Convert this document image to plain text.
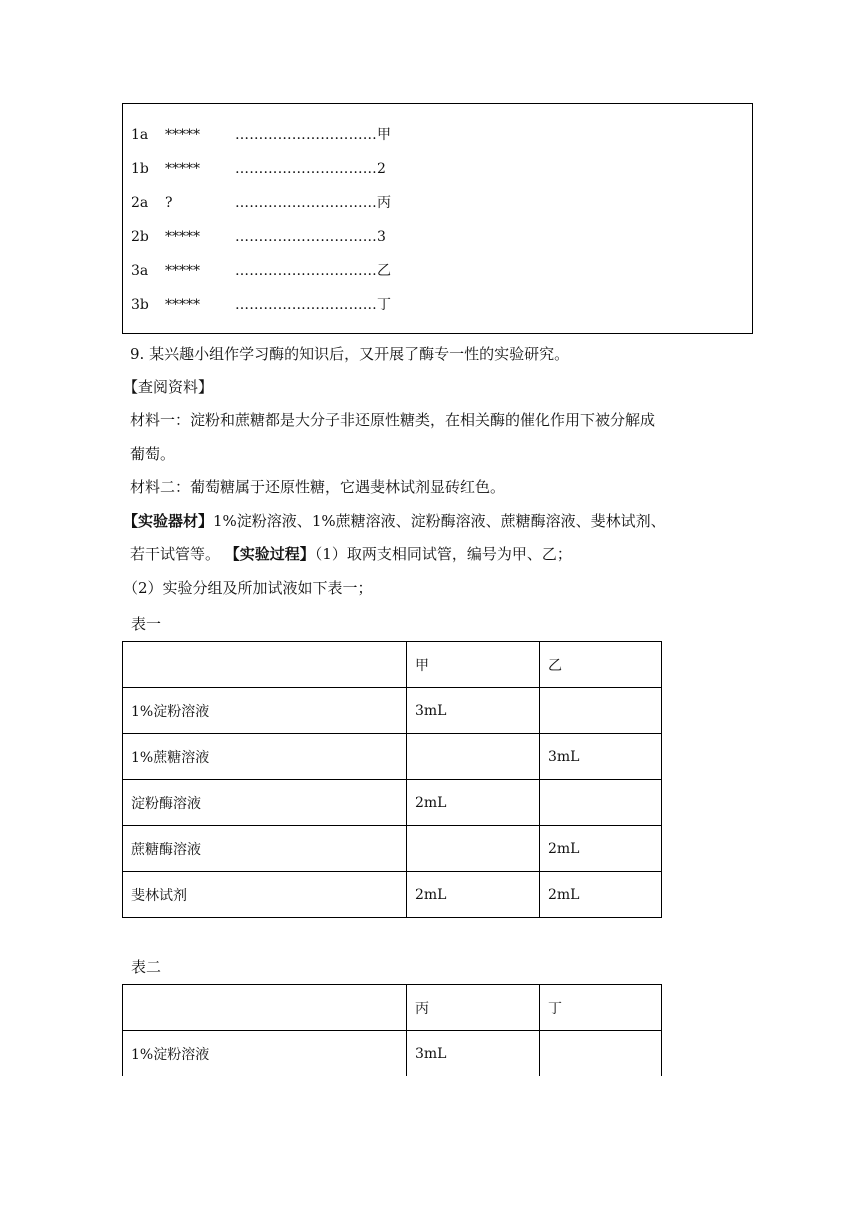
1a	*****	…………………………甲
1b	*****	…………………………2
2a	?	…………………………丙
2b	*****	…………………………3
3a	*****	…………………………乙
3b	*****	…………………………丁
9. 某兴趣小组作学习酶的知识后，又开展了酶专一性的实验研究。
【查阅资料】
材料一：淀粉和蔗糖都是大分子非还原性糖类，在相关酶的催化作用下被分解成
葡萄。
材料二：葡萄糖属于还原性糖，它遇斐林试剂显砖红色。
【实验器材】1%淀粉溶液、1%蔗糖溶液、淀粉酶溶液、蔗糖酶溶液、斐林试剂、
若干试管等。 【实验过程】（1）取两支相同试管，编号为甲、乙；
（2）实验分组及所加试液如下表一；
表一
	甲	乙
1%淀粉溶液	3mL	
1%蔗糖溶液		3mL
淀粉酶溶液	2mL	
蔗糖酶溶液		2mL
斐林试剂	2mL	2mL
表二
	丙	丁
1%淀粉溶液	3mL	
